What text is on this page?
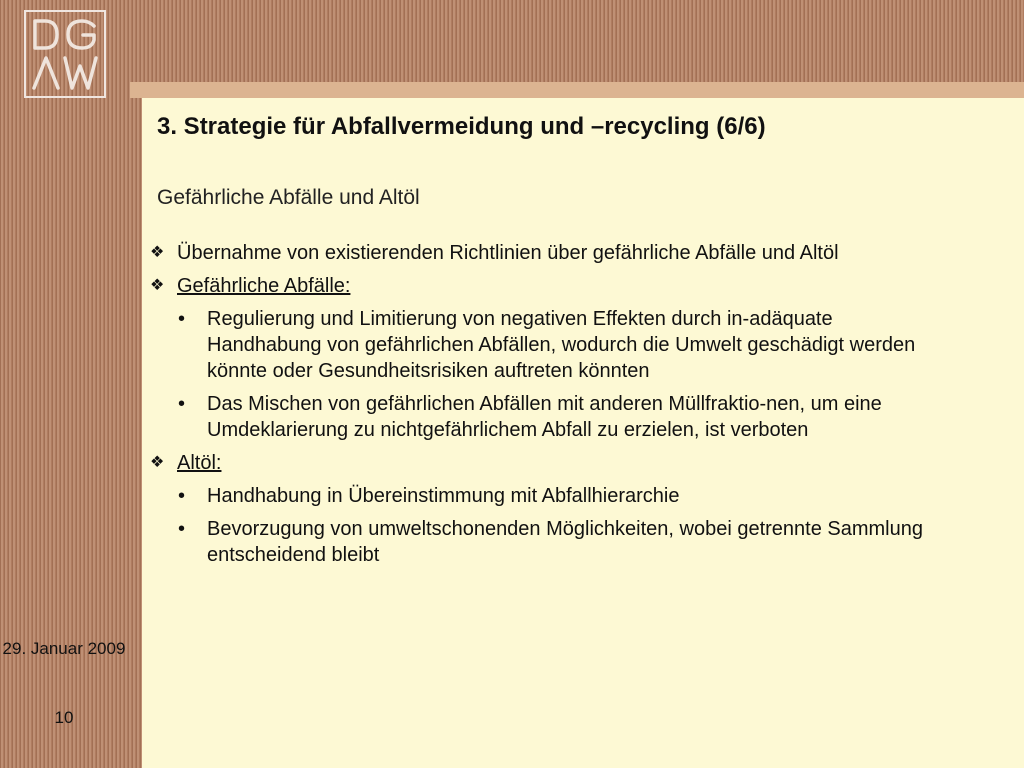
3. Strategie für Abfallvermeidung und –recycling (6/6)
Gefährliche Abfälle und Altöl
❖ Übernahme von existierenden Richtlinien über gefährliche Abfälle und Altöl
❖ Gefährliche Abfälle:
• Regulierung und Limitierung von negativen Effekten durch in-adäquate Handhabung von gefährlichen Abfällen, wodurch die Umwelt geschädigt werden könnte oder Gesundheitsrisiken auftreten könnten
• Das Mischen von gefährlichen Abfällen mit anderen Müllfraktio-nen, um eine Umdeklarierung zu nichtgefährlichem Abfall zu erzielen, ist verboten
❖ Altöl:
• Handhabung in Übereinstimmung mit Abfallhierarchie
• Bevorzugung von umweltschonenden Möglichkeiten, wobei getrennte Sammlung entscheidend bleibt
29. Januar 2009
10
